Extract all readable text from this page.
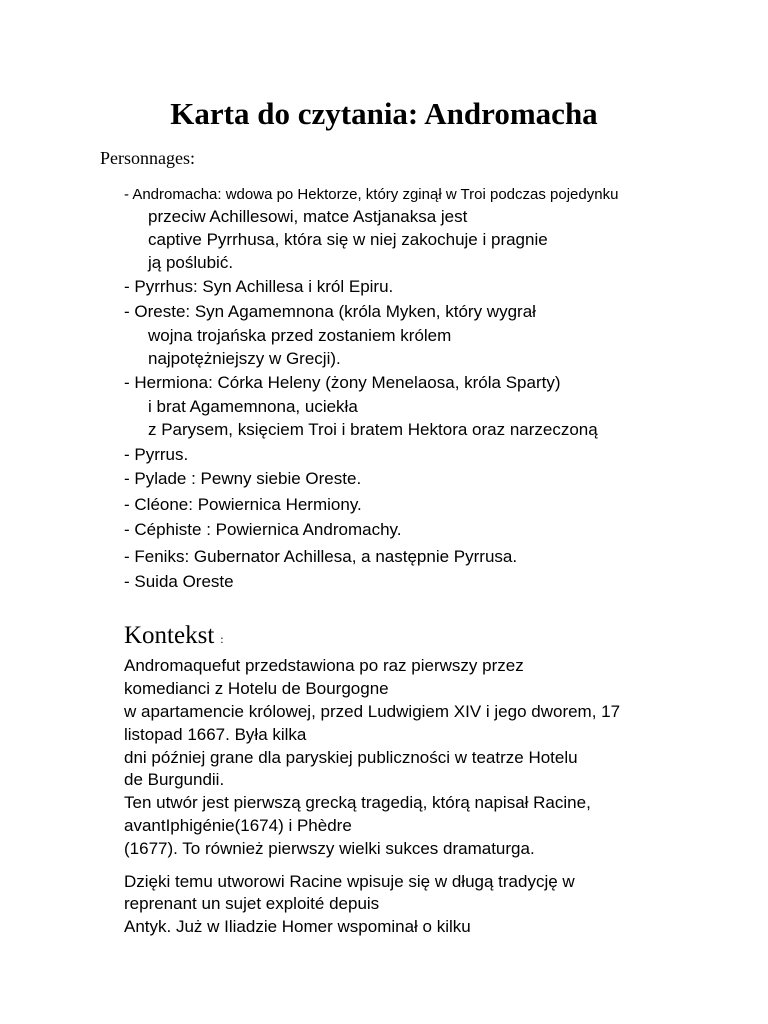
Karta do czytania: Andromacha
Personnages:
- Andromacha: wdowa po Hektorze, który zginął w Troi podczas pojedynku
przeciw Achillesowi, matce Astjanaksa jest
captive Pyrrhusa, która się w niej zakochuje i pragnie
ją poślubić.
- Pyrrhus: Syn Achillesa i król Epiru.
- Oreste: Syn Agamemnona (króla Myken, który wygrał
wojna trojańska przed zostaniem królem
najpotężniejszy w Grecji).
- Hermiona: Córka Heleny (żony Menelaosa, króla Sparty)
i brat Agamemnona, uciekła
z Parysem, księciem Troi i bratem Hektora oraz narzeczoną
- Pyrrus.
- Pylade : Pewny siebie Oreste.
- Cléone: Powiernica Hermiony.
- Céphiste : Powiernica Andromachy.
- Feniks: Gubernator Achillesa, a następnie Pyrrusa.
- Suida Oreste
Kontekst :
Andromaquefut przedstawiona po raz pierwszy przez
komedianci z Hotelu de Bourgogne
w apartamencie królowej, przed Ludwigiem XIV i jego dworem, 17
listopad 1667. Była kilka
dni później grane dla paryskiej publiczności w teatrze Hotelu
de Burgundii.
Ten utwór jest pierwszą grecką tragedią, którą napisał Racine,
avantIphigénie(1674) i Phèdre
(1677). To również pierwszy wielki sukces dramaturga.
Dzięki temu utworowi Racine wpisuje się w długą tradycję w
reprenant un sujet exploité depuis
Antyk. Już w Iliadzie Homer wspominał o kilku
